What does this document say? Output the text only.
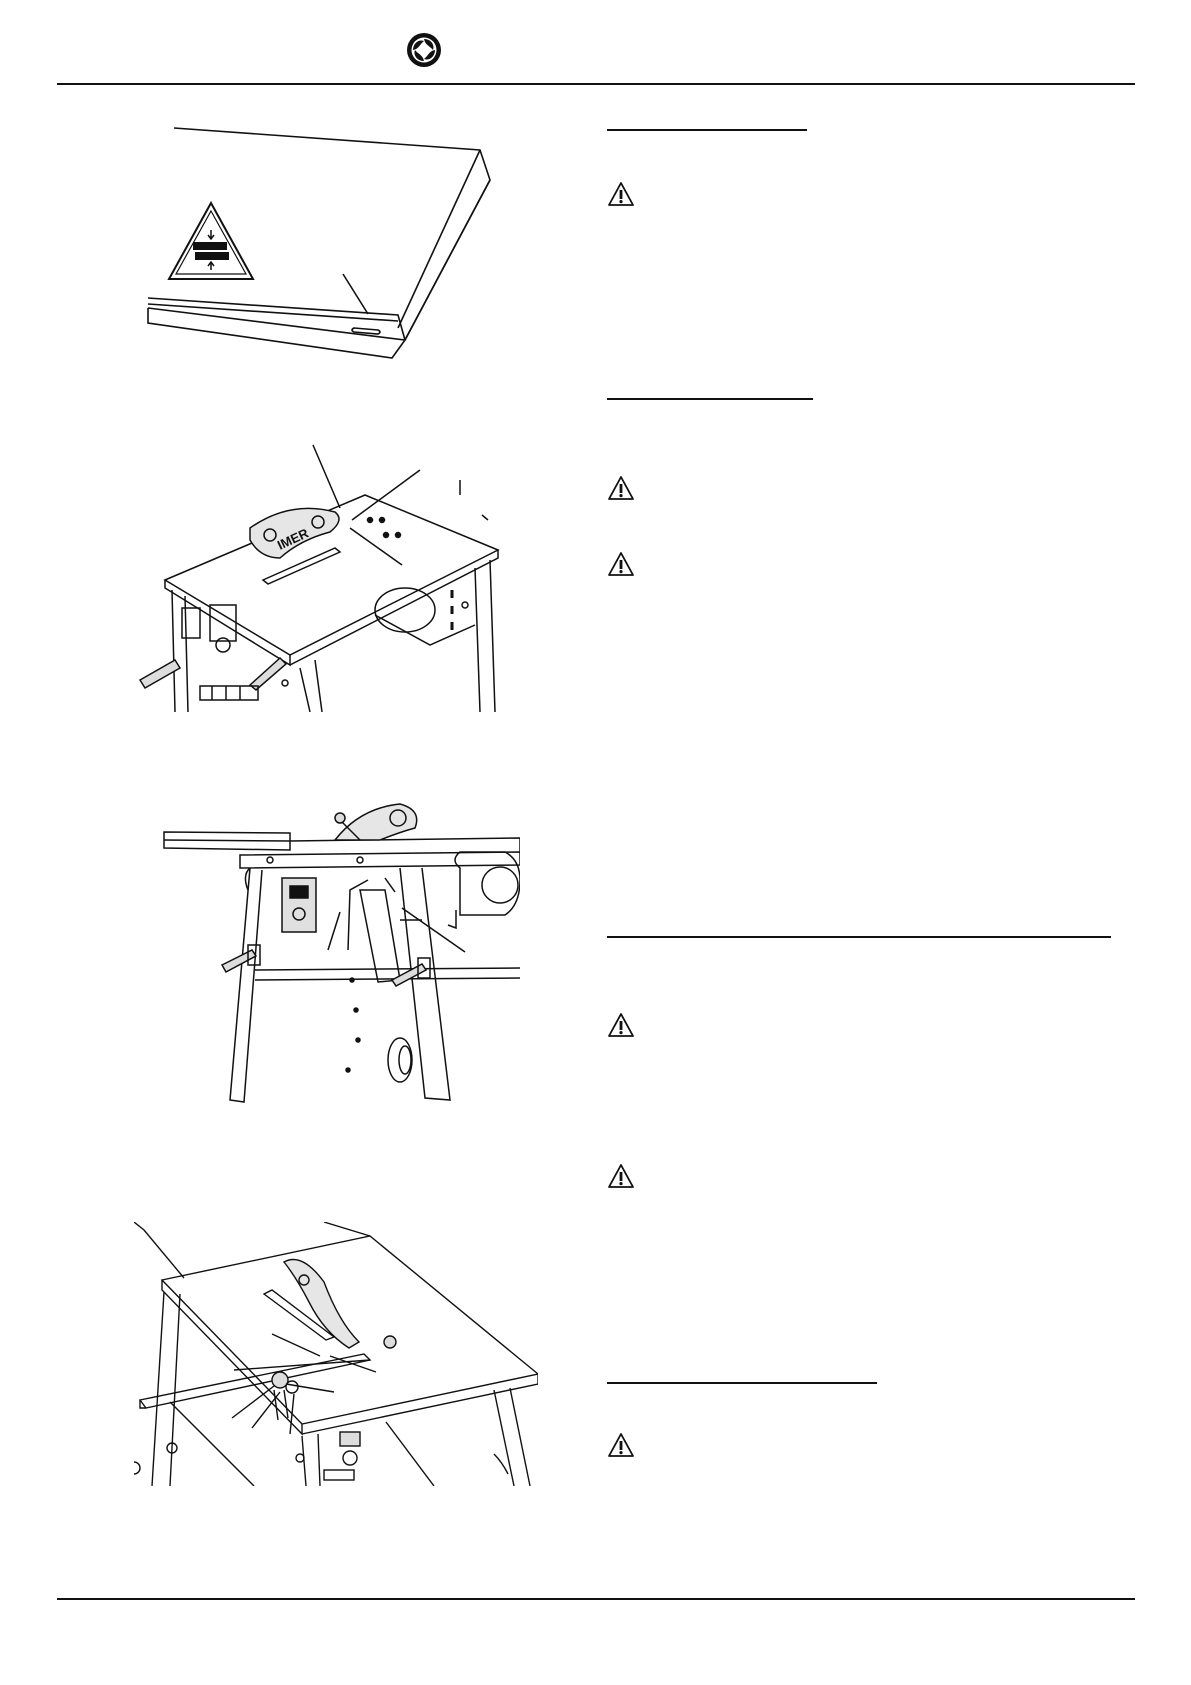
IMER
